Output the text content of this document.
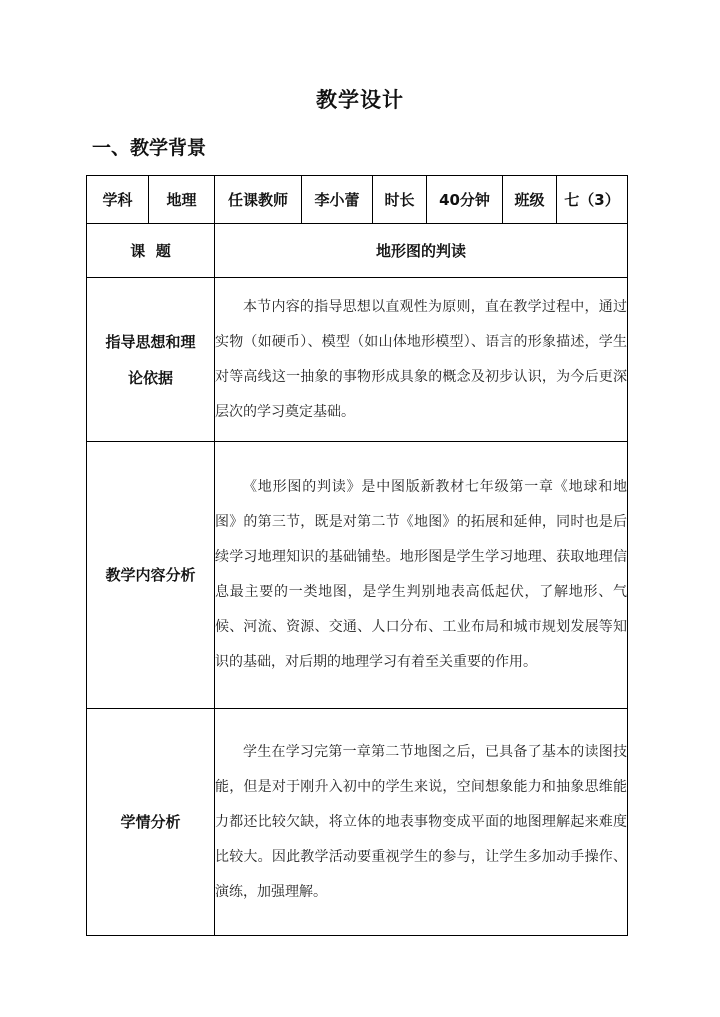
教学设计
一、教学背景
学科	地理	任课教师	李小蕾	时长	40分钟	班级	七（3）
课  题		地形图的判读					

指导思想和理
论依据		本节内容的指导思想以直观性为原则，直在教学过程中，通过实物（如硬币）、模型（如山体地形模型）、语言的形象描述，学生对等高线这一抽象的事物形成具象的概念及初步认识，为今后更深层次的学习奠定基础。					

教学内容分析		《地形图的判读》是中图版新教材七年级第一章《地球和地图》的第三节，既是对第二节《地图》的拓展和延伸，同时也是后续学习地理知识的基础铺垫。地形图是学生学习地理、获取地理信息最主要的一类地图，是学生判别地表高低起伏，了解地形、气候、河流、资源、交通、人口分布、工业布局和城市规划发展等知识的基础，对后期的地理学习有着至关重要的作用。					

学情分析		学生在学习完第一章第二节地图之后，已具备了基本的读图技能，但是对于刚升入初中的学生来说，空间想象能力和抽象思维能力都还比较欠缺，将立体的地表事物变成平面的地图理解起来难度比较大。因此教学活动要重视学生的参与，让学生多加动手操作、演练，加强理解。					
